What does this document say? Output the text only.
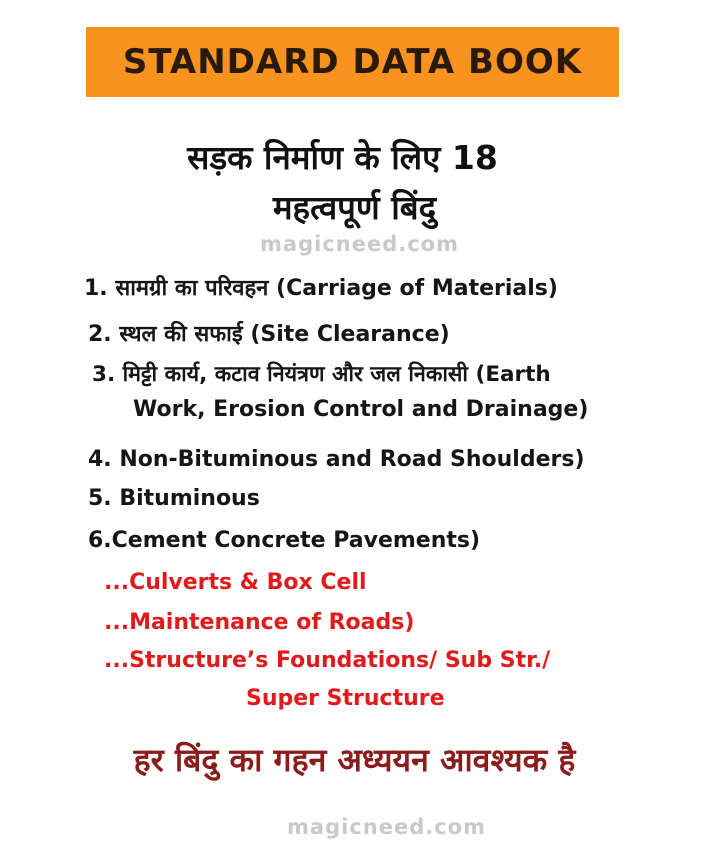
STANDARD DATA BOOK
सड़क निर्माण के लिए 18
महत्वपूर्ण बिंदु
magicneed.com
1. सामग्री का परिवहन (Carriage of Materials)
2. स्थल की सफाई (Site Clearance)
3. मिट्टी कार्य, कटाव नियंत्रण और जल निकासी (Earth
Work, Erosion Control and Drainage)
4. Non-Bituminous and Road Shoulders)
5. Bituminous
6.Cement Concrete Pavements)
...Culverts & Box Cell
...Maintenance of Roads)
...Structure’s Foundations/ Sub Str./
Super Structure
हर बिंदु का गहन अध्ययन आवश्यक है
magicneed.com
